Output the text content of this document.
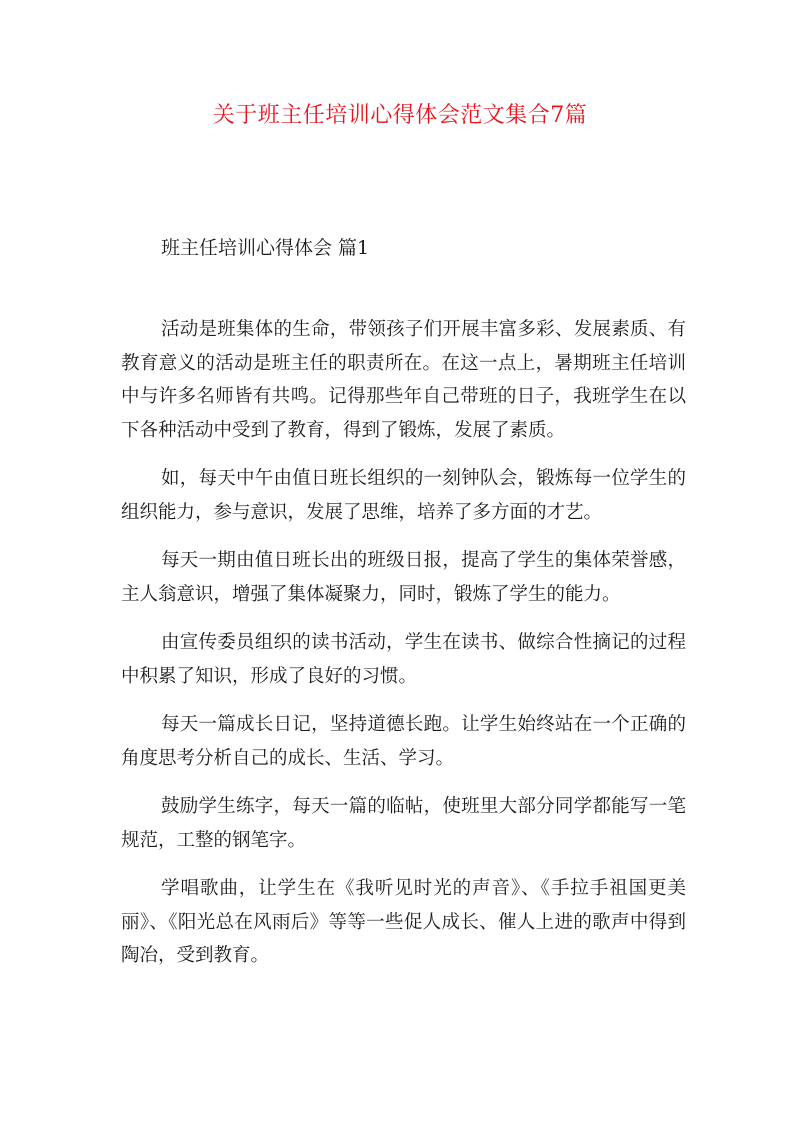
关于班主任培训心得体会范文集合7篇
班主任培训心得体会 篇1

活动是班集体的生命，带领孩子们开展丰富多彩、发展素质、有教育意义的活动是班主任的职责所在。在这一点上，暑期班主任培训中与许多名师皆有共鸣。记得那些年自己带班的日子，我班学生在以下各种活动中受到了教育，得到了锻炼，发展了素质。

如，每天中午由值日班长组织的一刻钟队会，锻炼每一位学生的组织能力，参与意识，发展了思维，培养了多方面的才艺。

每天一期由值日班长出的班级日报，提高了学生的集体荣誉感，主人翁意识，增强了集体凝聚力，同时，锻炼了学生的能力。

由宣传委员组织的读书活动，学生在读书、做综合性摘记的过程中积累了知识，形成了良好的习惯。

每天一篇成长日记，坚持道德长跑。让学生始终站在一个正确的角度思考分析自己的成长、生活、学习。

鼓励学生练字，每天一篇的临帖，使班里大部分同学都能写一笔规范，工整的钢笔字。

学唱歌曲，让学生在《我听见时光的声音》、《手拉手祖国更美丽》、《阳光总在风雨后》等等一些促人成长、催人上进的歌声中得到陶冶，受到教育。
